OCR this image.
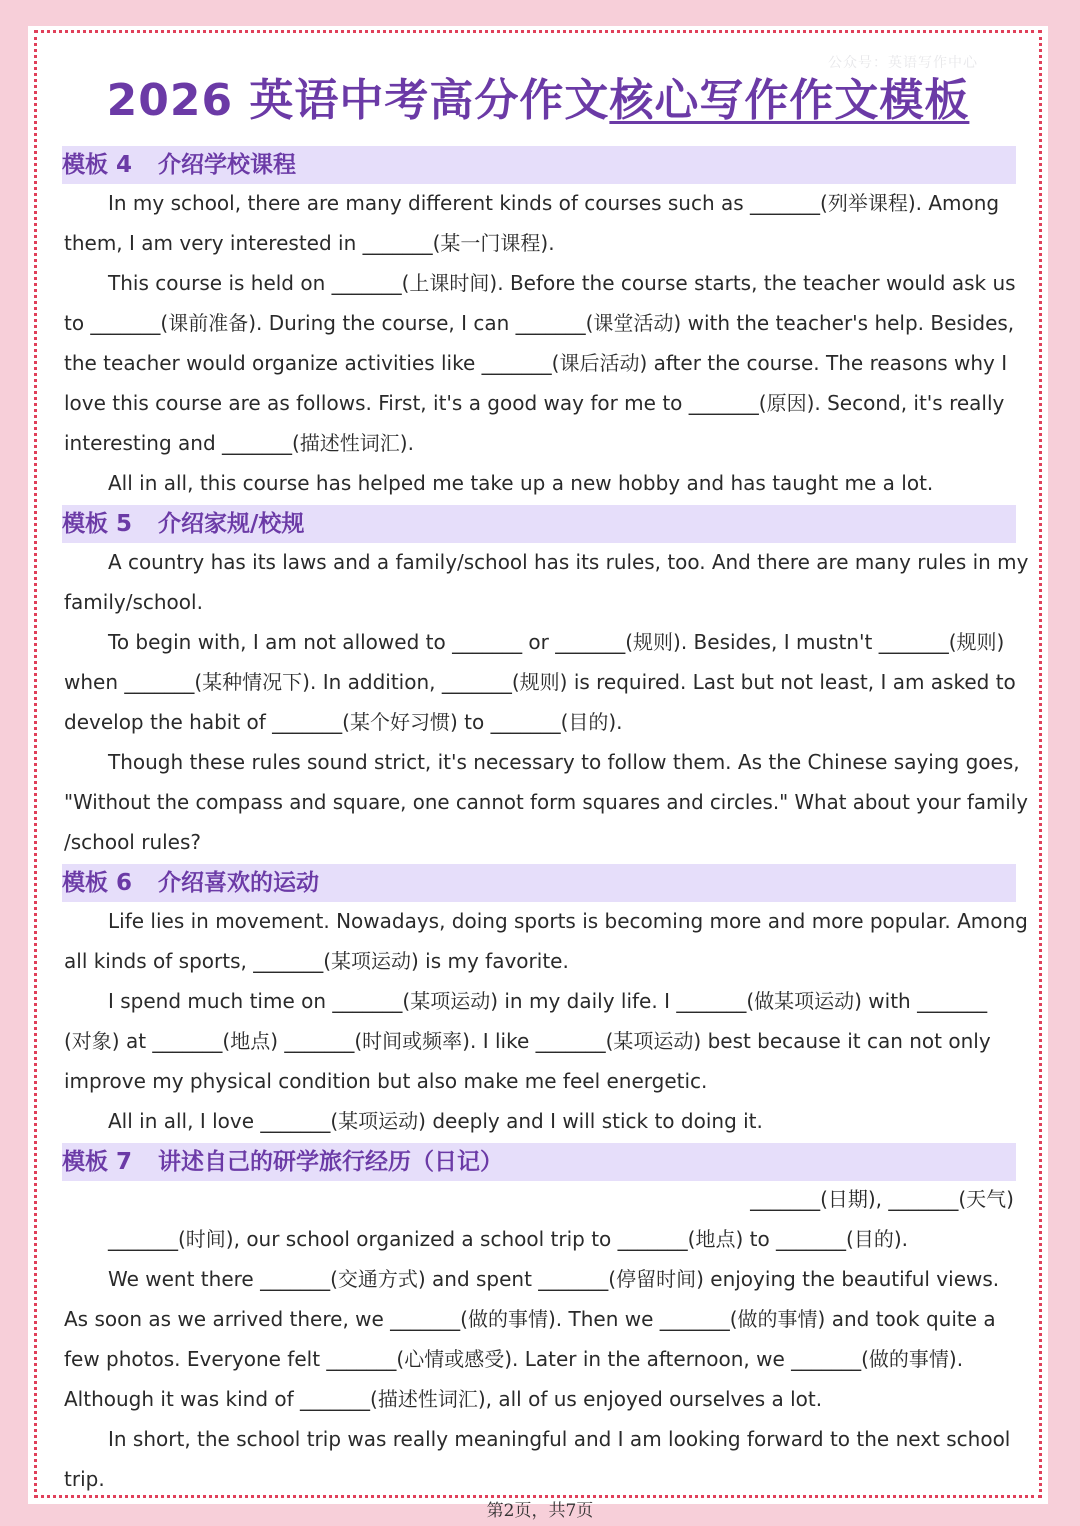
公众号：英语写作中心
2026 英语中考高分作文核心写作作文模板
模板 4 介绍学校课程
In my school, there are many different kinds of courses such as _______(列举课程). Among
them, I am very interested in _______(某一门课程).
This course is held on _______(上课时间). Before the course starts, the teacher would ask us
to _______(课前准备). During the course, I can _______(课堂活动) with the teacher's help. Besides,
the teacher would organize activities like _______(课后活动) after the course. The reasons why I
love this course are as follows. First, it's a good way for me to _______(原因). Second, it's really
interesting and _______(描述性词汇).
All in all, this course has helped me take up a new hobby and has taught me a lot.
模板 5 介绍家规/校规
A country has its laws and a family/school has its rules, too. And there are many rules in my
family/school.
To begin with, I am not allowed to _______ or _______(规则). Besides, I mustn't _______(规则)
when _______(某种情况下). In addition, _______(规则) is required. Last but not least, I am asked to
develop the habit of _______(某个好习惯) to _______(目的).
Though these rules sound strict, it's necessary to follow them. As the Chinese saying goes,
"Without the compass and square, one cannot form squares and circles." What about your family
/school rules?
模板 6 介绍喜欢的运动
Life lies in movement. Nowadays, doing sports is becoming more and more popular. Among
all kinds of sports, _______(某项运动) is my favorite.
I spend much time on _______(某项运动) in my daily life. I _______(做某项运动) with _______
(对象) at _______(地点) _______(时间或频率). I like _______(某项运动) best because it can not only
improve my physical condition but also make me feel energetic.
All in all, I love _______(某项运动) deeply and I will stick to doing it.
模板 7 讲述自己的研学旅行经历（日记）
_______(日期), _______(天气)
_______(时间), our school organized a school trip to _______(地点) to _______(目的).
We went there _______(交通方式) and spent _______(停留时间) enjoying the beautiful views.
As soon as we arrived there, we _______(做的事情). Then we _______(做的事情) and took quite a
few photos. Everyone felt _______(心情或感受). Later in the afternoon, we _______(做的事情).
Although it was kind of _______(描述性词汇), all of us enjoyed ourselves a lot.
In short, the school trip was really meaningful and I am looking forward to the next school
trip.
第2页，共7页
